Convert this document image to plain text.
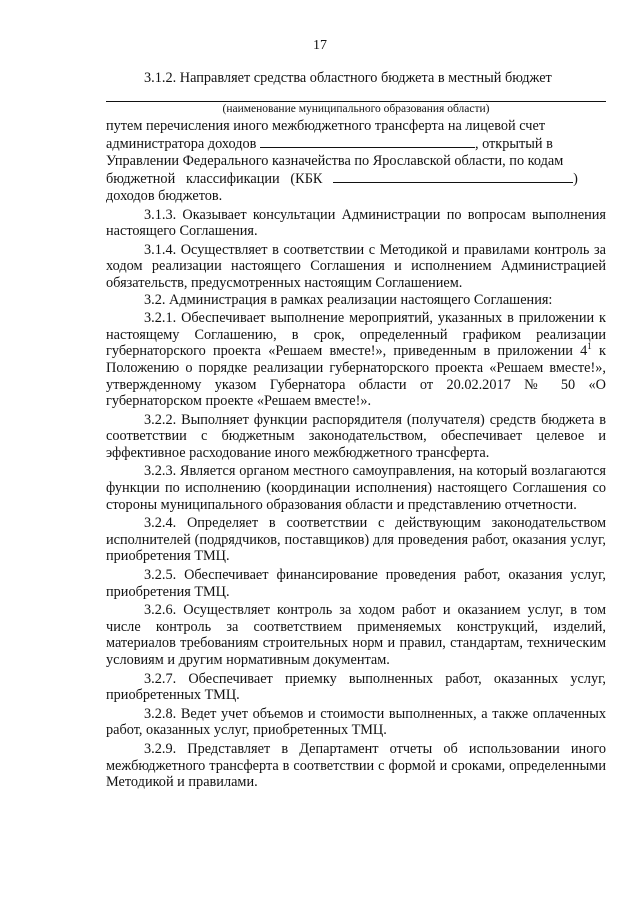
17

3.1.2. Направляет средства областного бюджета в местный бюджет

(наименование муниципального образования области)

путем перечисления иного межбюджетного трансферта на лицевой счет

администратора доходов	, открытый в

Управлении Федерального казначейства по Ярославской области, по кодам

бюджетной   классификации   (КБК	)

доходов бюджетов.

3.1.3. Оказывает консультации Администрации по вопросам выполнения настоящего Соглашения.

3.1.4. Осуществляет в соответствии с Методикой и правилами контроль за ходом реализации настоящего Соглашения и исполнением Администрацией обязательств, предусмотренных настоящим Соглашением.

3.2. Администрация в рамках реализации настоящего Соглашения:

3.2.1. Обеспечивает выполнение мероприятий, указанных в приложении к настоящему Соглашению, в срок, определенный графиком реализации губернаторского проекта «Решаем вместе!», приведенным в приложении $4^1$ к Положению о порядке реализации губернаторского проекта «Решаем вместе!», утвержденному указом Губернатора области от 20.02.2017 № 50 «О губернаторском проекте «Решаем вместе!».

3.2.2. Выполняет функции распорядителя (получателя) средств бюджета в соответствии с бюджетным законодательством, обеспечивает целевое и эффективное расходование иного межбюджетного трансферта.

3.2.3. Является органом местного самоуправления, на который возлагаются функции по исполнению (координации исполнения) настоящего Соглашения со стороны муниципального образования области и представлению отчетности.

3.2.4. Определяет в соответствии с действующим законодательством исполнителей (подрядчиков, поставщиков) для проведения работ, оказания услуг, приобретения ТМЦ.

3.2.5. Обеспечивает финансирование проведения работ, оказания услуг, приобретения ТМЦ.

3.2.6. Осуществляет контроль за ходом работ и оказанием услуг, в том числе контроль за соответствием применяемых конструкций, изделий, материалов требованиям строительных норм и правил, стандартам, техническим условиям и другим нормативным документам.

3.2.7. Обеспечивает приемку выполненных работ, оказанных услуг, приобретенных ТМЦ.

3.2.8. Ведет учет объемов и стоимости выполненных, а также оплаченных работ, оказанных услуг, приобретенных ТМЦ.

3.2.9. Представляет в Департамент отчеты об использовании иного межбюджетного трансферта в соответствии с формой и сроками, определенными Методикой и правилами.
